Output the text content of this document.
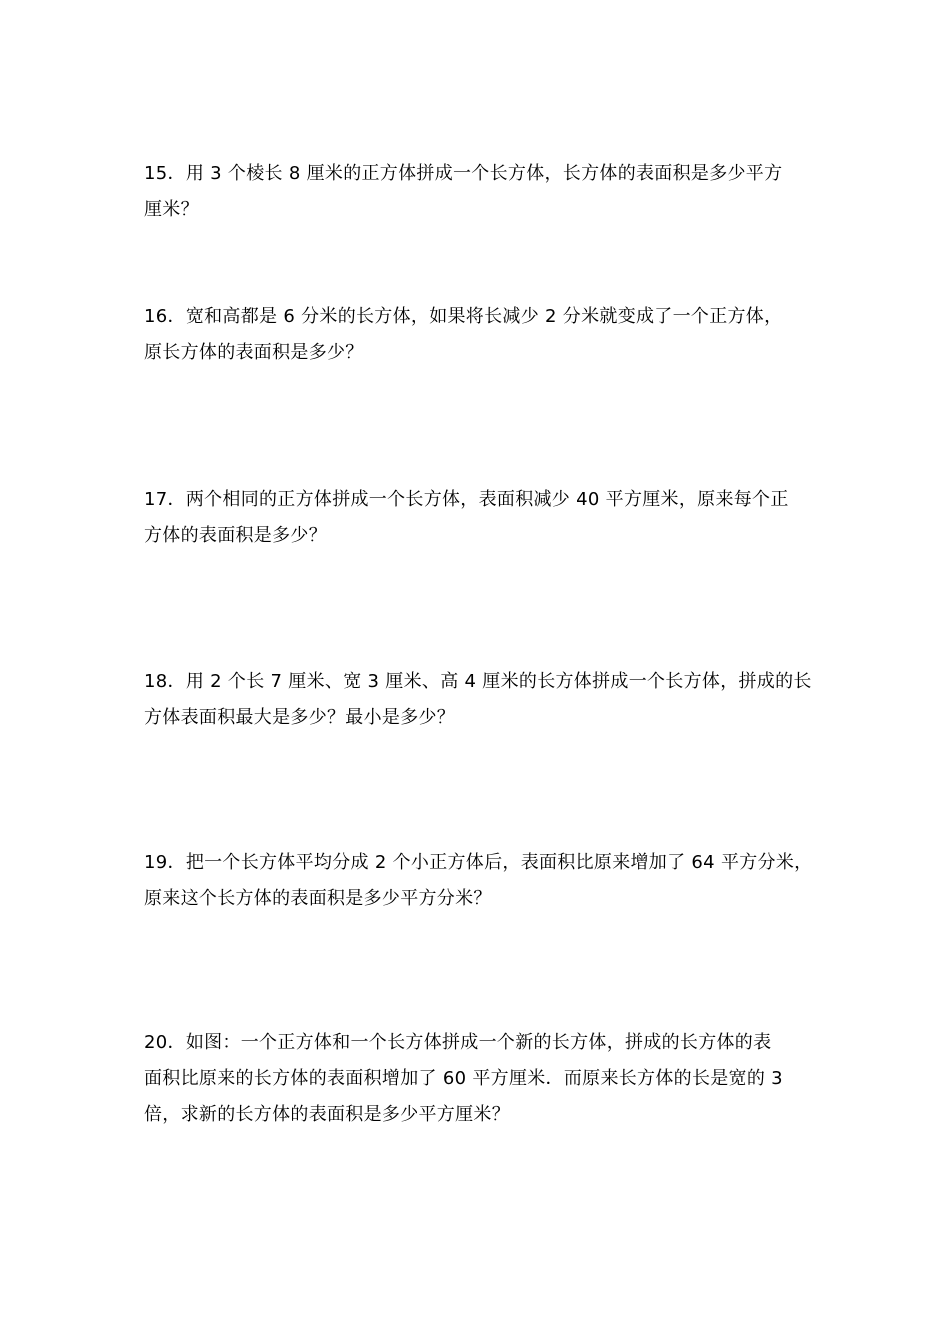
15．用 3 个棱长 8 厘米的正方体拼成一个长方体，长方体的表面积是多少平方
厘米？
16．宽和高都是 6 分米的长方体，如果将长减少 2 分米就变成了一个正方体，
原长方体的表面积是多少？
17．两个相同的正方体拼成一个长方体，表面积减少 40 平方厘米，原来每个正
方体的表面积是多少？
18．用 2 个长 7 厘米、宽 3 厘米、高 4 厘米的长方体拼成一个长方体，拼成的长
方体表面积最大是多少？最小是多少？
19．把一个长方体平均分成 2 个小正方体后，表面积比原来增加了 64 平方分米，
原来这个长方体的表面积是多少平方分米？
20．如图：一个正方体和一个长方体拼成一个新的长方体，拼成的长方体的表
面积比原来的长方体的表面积增加了 60 平方厘米．而原来长方体的长是宽的 3
倍，求新的长方体的表面积是多少平方厘米？
